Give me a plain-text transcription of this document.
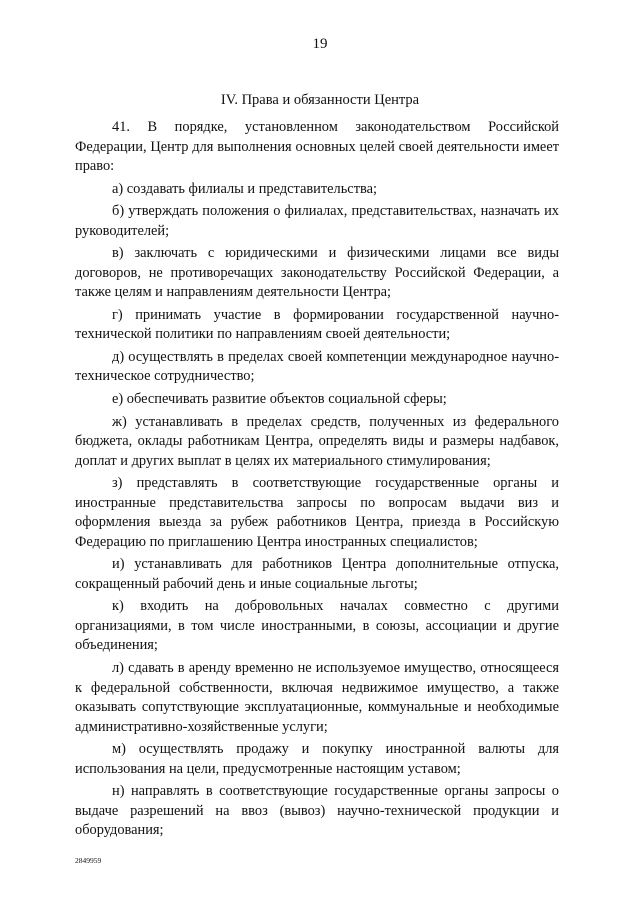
19
IV. Права и обязанности Центра

41. В порядке, установленном законодательством Российской Федерации, Центр для выполнения основных целей своей деятельности имеет право:

а) создавать филиалы и представительства;

б) утверждать положения о филиалах, представительствах, назначать их руководителей;

в) заключать с юридическими и физическими лицами все виды договоров, не противоречащих законодательству Российской Федерации, а также целям и направлениям деятельности Центра;

г) принимать участие в формировании государственной научно-технической политики по направлениям своей деятельности;

д) осуществлять в пределах своей компетенции международное научно-техническое сотрудничество;

е) обеспечивать развитие объектов социальной сферы;

ж) устанавливать в пределах средств, полученных из федерального бюджета, оклады работникам Центра, определять виды и размеры надбавок, доплат и других выплат в целях их материального стимулирования;

з) представлять в соответствующие государственные органы и иностранные представительства запросы по вопросам выдачи виз и оформления выезда за рубеж работников Центра, приезда в Российскую Федерацию по приглашению Центра иностранных специалистов;

и) устанавливать для работников Центра дополнительные отпуска, сокращенный рабочий день и иные социальные льготы;

к) входить на добровольных началах совместно с другими организациями, в том числе иностранными, в союзы, ассоциации и другие объединения;

л) сдавать в аренду временно не используемое имущество, относящееся к федеральной собственности, включая недвижимое имущество, а также оказывать сопутствующие эксплуатационные, коммунальные и необходимые административно-хозяйственные услуги;

м) осуществлять продажу и покупку иностранной валюты для использования на цели, предусмотренные настоящим уставом;

н) направлять в соответствующие государственные органы запросы о выдаче разрешений на ввоз (вывоз) научно-технической продукции и оборудования;

2849959
